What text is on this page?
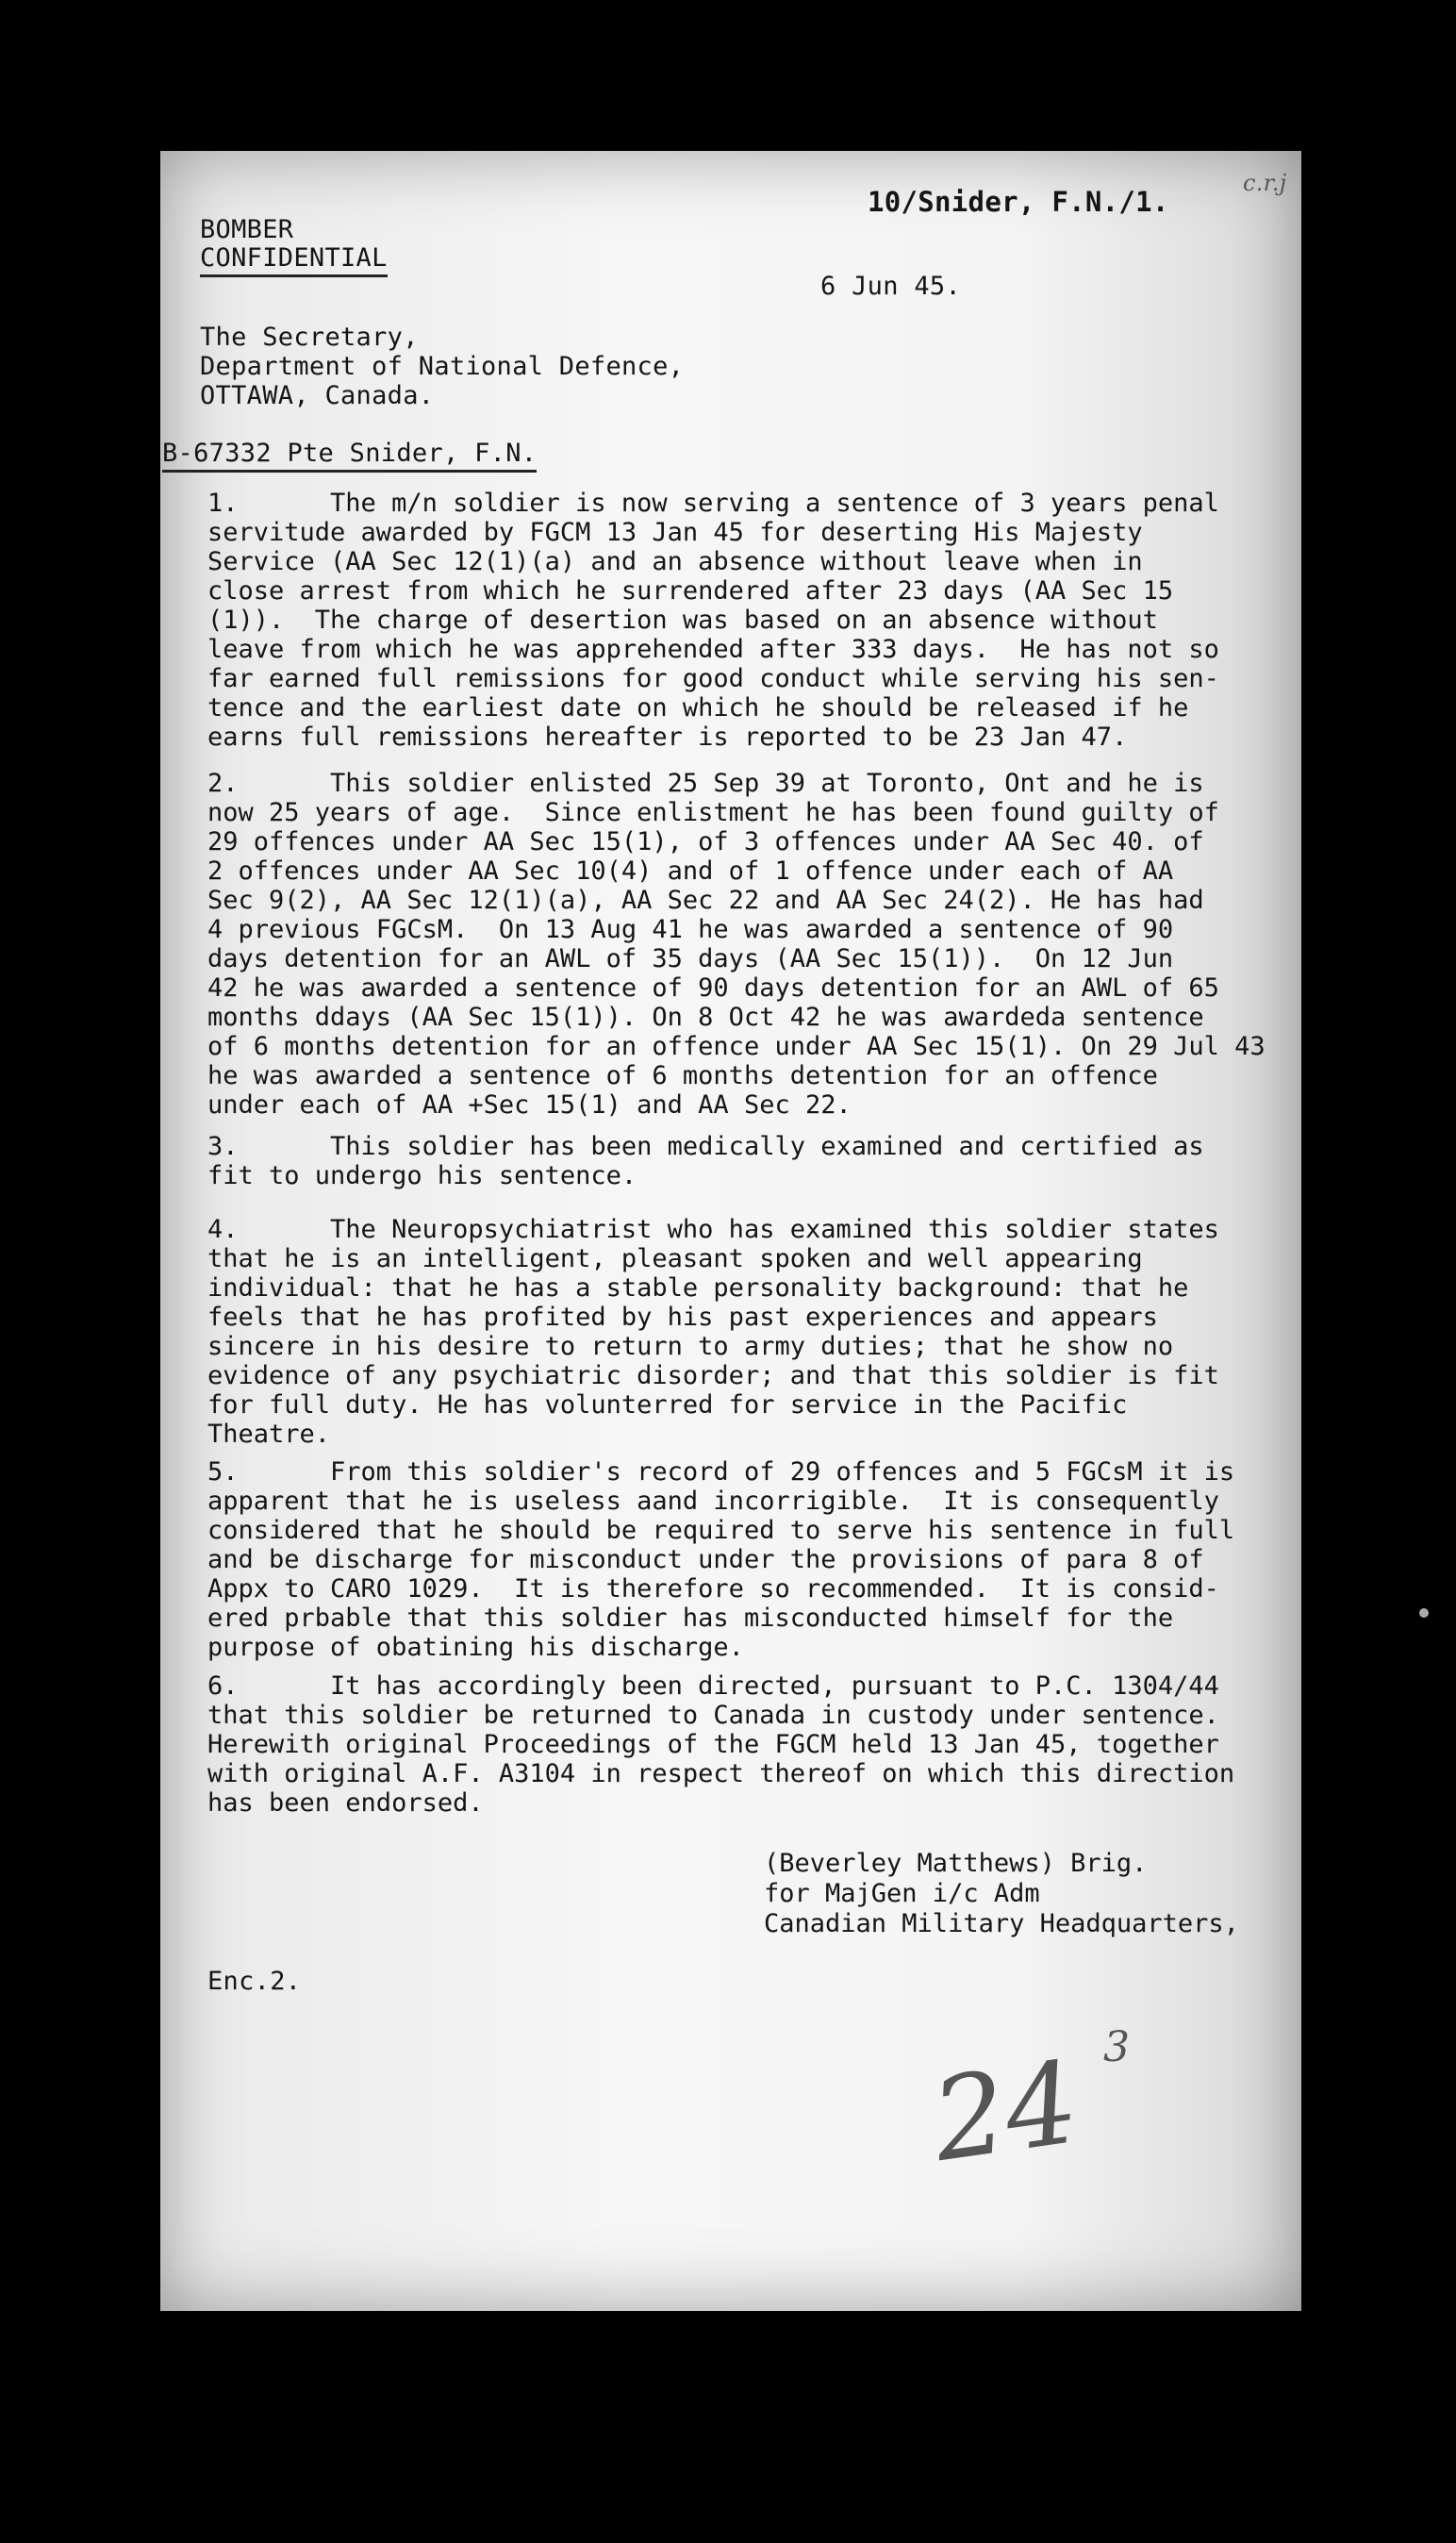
c.r.j
10/Snider, F.N./1.
BOMBER
CONFIDENTIAL
6 Jun 45.
The Secretary,
Department of National Defence,
OTTAWA, Canada.
B-67332 Pte Snider, F.N.
1.      The m/n soldier is now serving a sentence of 3 years penal
servitude awarded by FGCM 13 Jan 45 for deserting His Majesty
Service (AA Sec 12(1)(a) and an absence without leave when in
close arrest from which he surrendered after 23 days (AA Sec 15
(1)).  The charge of desertion was based on an absence without
leave from which he was apprehended after 333 days.  He has not so
far earned full remissions for good conduct while serving his sen-
tence and the earliest date on which he should be released if he
earns full remissions hereafter is reported to be 23 Jan 47.
2.      This soldier enlisted 25 Sep 39 at Toronto, Ont and he is
now 25 years of age.  Since enlistment he has been found guilty of
29 offences under AA Sec 15(1), of 3 offences under AA Sec 40. of
2 offences under AA Sec 10(4) and of 1 offence under each of AA
Sec 9(2), AA Sec 12(1)(a), AA Sec 22 and AA Sec 24(2). He has had
4 previous FGCsM.  On 13 Aug 41 he was awarded a sentence of 90
days detention for an AWL of 35 days (AA Sec 15(1)).  On 12 Jun
42 he was awarded a sentence of 90 days detention for an AWL of 65
months ddays (AA Sec 15(1)). On 8 Oct 42 he was awardeda sentence
of 6 months detention for an offence under AA Sec 15(1). On 29 Jul 43
he was awarded a sentence of 6 months detention for an offence
under each of AA +Sec 15(1) and AA Sec 22.
3.      This soldier has been medically examined and certified as
fit to undergo his sentence.
4.      The Neuropsychiatrist who has examined this soldier states
that he is an intelligent, pleasant spoken and well appearing
individual: that he has a stable personality background: that he
feels that he has profited by his past experiences and appears
sincere in his desire to return to army duties; that he show no
evidence of any psychiatric disorder; and that this soldier is fit
for full duty. He has volunterred for service in the Pacific
Theatre.
5.      From this soldier's record of 29 offences and 5 FGCsM it is
apparent that he is useless aand incorrigible.  It is consequently
considered that he should be required to serve his sentence in full
and be discharge for misconduct under the provisions of para 8 of
Appx to CARO 1029.  It is therefore so recommended.  It is consid-
ered prbable that this soldier has misconducted himself for the
purpose of obatining his discharge.
6.      It has accordingly been directed, pursuant to P.C. 1304/44
that this soldier be returned to Canada in custody under sentence.
Herewith original Proceedings of the FGCM held 13 Jan 45, together
with original A.F. A3104 in respect thereof on which this direction
has been endorsed.
(Beverley Matthews) Brig.
for MajGen i/c Adm
Canadian Military Headquarters,
Enc.2.
24 3
